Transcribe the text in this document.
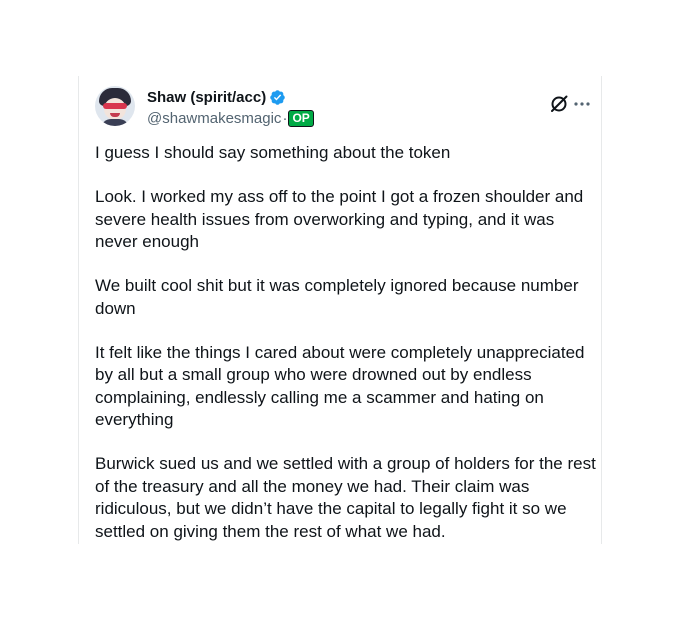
Shaw (spirit/acc)
@shawmakesmagic · OP

I guess I should say something about the token

Look. I worked my ass off to the point I got a frozen shoulder and severe health issues from overworking and typing, and it was never enough

We built cool shit but it was completely ignored because number down

It felt like the things I cared about were completely unappreciated by all but a small group who were drowned out by endless complaining, endlessly calling me a scammer and hating on everything

Burwick sued us and we settled with a group of holders for the rest of the treasury and all the money we had. Their claim was ridiculous, but we didn’t have the capital to legally fight it so we settled on giving them the rest of what we had.
